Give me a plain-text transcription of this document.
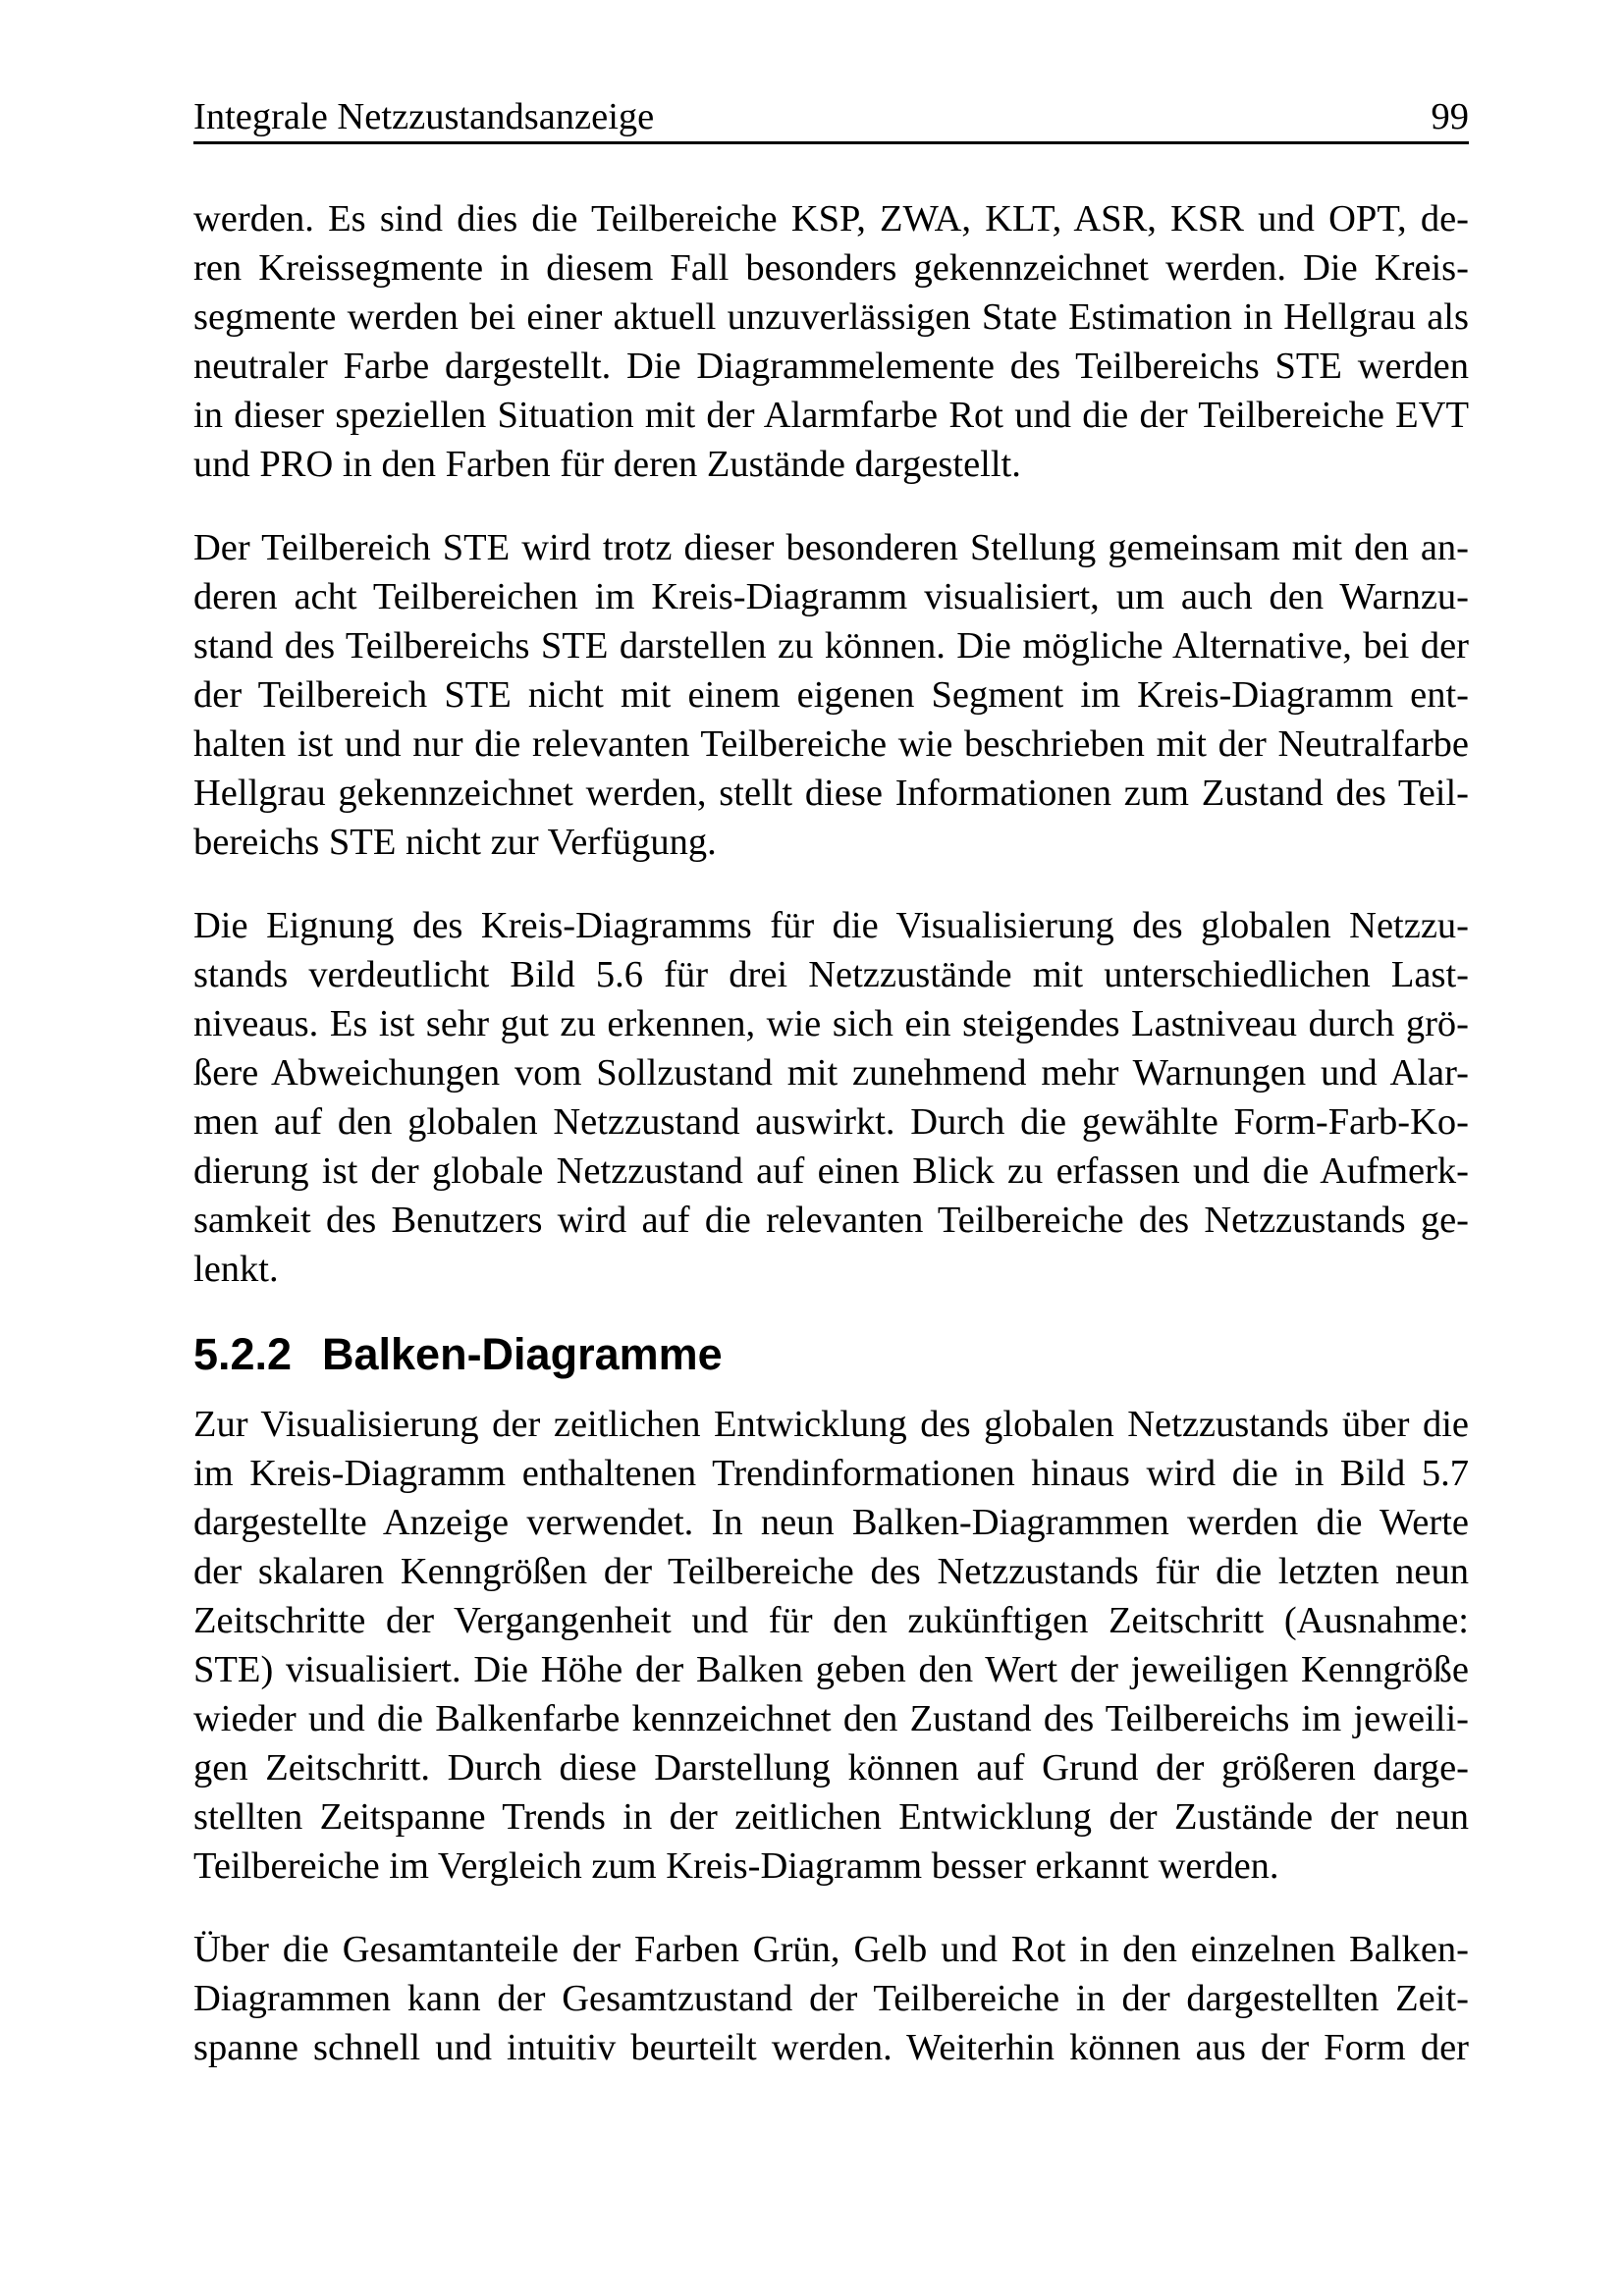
Integrale Netzzustandsanzeige	99
werden. Es sind dies die Teilbereiche KSP, ZWA, KLT, ASR, KSR und OPT, de-
ren Kreissegmente in diesem Fall besonders gekennzeichnet werden. Die Kreis-
segmente werden bei einer aktuell unzuverlässigen State Estimation in Hellgrau als
neutraler Farbe dargestellt. Die Diagrammelemente des Teilbereichs STE werden
in dieser speziellen Situation mit der Alarmfarbe Rot und die der Teilbereiche EVT
und PRO in den Farben für deren Zustände dargestellt.
Der Teilbereich STE wird trotz dieser besonderen Stellung gemeinsam mit den an-
deren acht Teilbereichen im Kreis-Diagramm visualisiert, um auch den Warnzu-
stand des Teilbereichs STE darstellen zu können. Die mögliche Alternative, bei der
der Teilbereich STE nicht mit einem eigenen Segment im Kreis-Diagramm ent-
halten ist und nur die relevanten Teilbereiche wie beschrieben mit der Neutralfarbe
Hellgrau gekennzeichnet werden, stellt diese Informationen zum Zustand des Teil-
bereichs STE nicht zur Verfügung.
Die Eignung des Kreis-Diagramms für die Visualisierung des globalen Netzzu-
stands verdeutlicht Bild 5.6 für drei Netzzustände mit unterschiedlichen Last-
niveaus. Es ist sehr gut zu erkennen, wie sich ein steigendes Lastniveau durch grö-
ßere Abweichungen vom Sollzustand mit zunehmend mehr Warnungen und Alar-
men auf den globalen Netzzustand auswirkt. Durch die gewählte Form-Farb-Ko-
dierung ist der globale Netzzustand auf einen Blick zu erfassen und die Aufmerk-
samkeit des Benutzers wird auf die relevanten Teilbereiche des Netzzustands ge-
lenkt.
5.2.2 Balken-Diagramme
Zur Visualisierung der zeitlichen Entwicklung des globalen Netzzustands über die
im Kreis-Diagramm enthaltenen Trendinformationen hinaus wird die in Bild 5.7
dargestellte Anzeige verwendet. In neun Balken-Diagrammen werden die Werte
der skalaren Kenngrößen der Teilbereiche des Netzzustands für die letzten neun
Zeitschritte der Vergangenheit und für den zukünftigen Zeitschritt (Ausnahme:
STE) visualisiert. Die Höhe der Balken geben den Wert der jeweiligen Kenngröße
wieder und die Balkenfarbe kennzeichnet den Zustand des Teilbereichs im jeweili-
gen Zeitschritt. Durch diese Darstellung können auf Grund der größeren darge-
stellten Zeitspanne Trends in der zeitlichen Entwicklung der Zustände der neun
Teilbereiche im Vergleich zum Kreis-Diagramm besser erkannt werden.
Über die Gesamtanteile der Farben Grün, Gelb und Rot in den einzelnen Balken-
Diagrammen kann der Gesamtzustand der Teilbereiche in der dargestellten Zeit-
spanne schnell und intuitiv beurteilt werden. Weiterhin können aus der Form der
